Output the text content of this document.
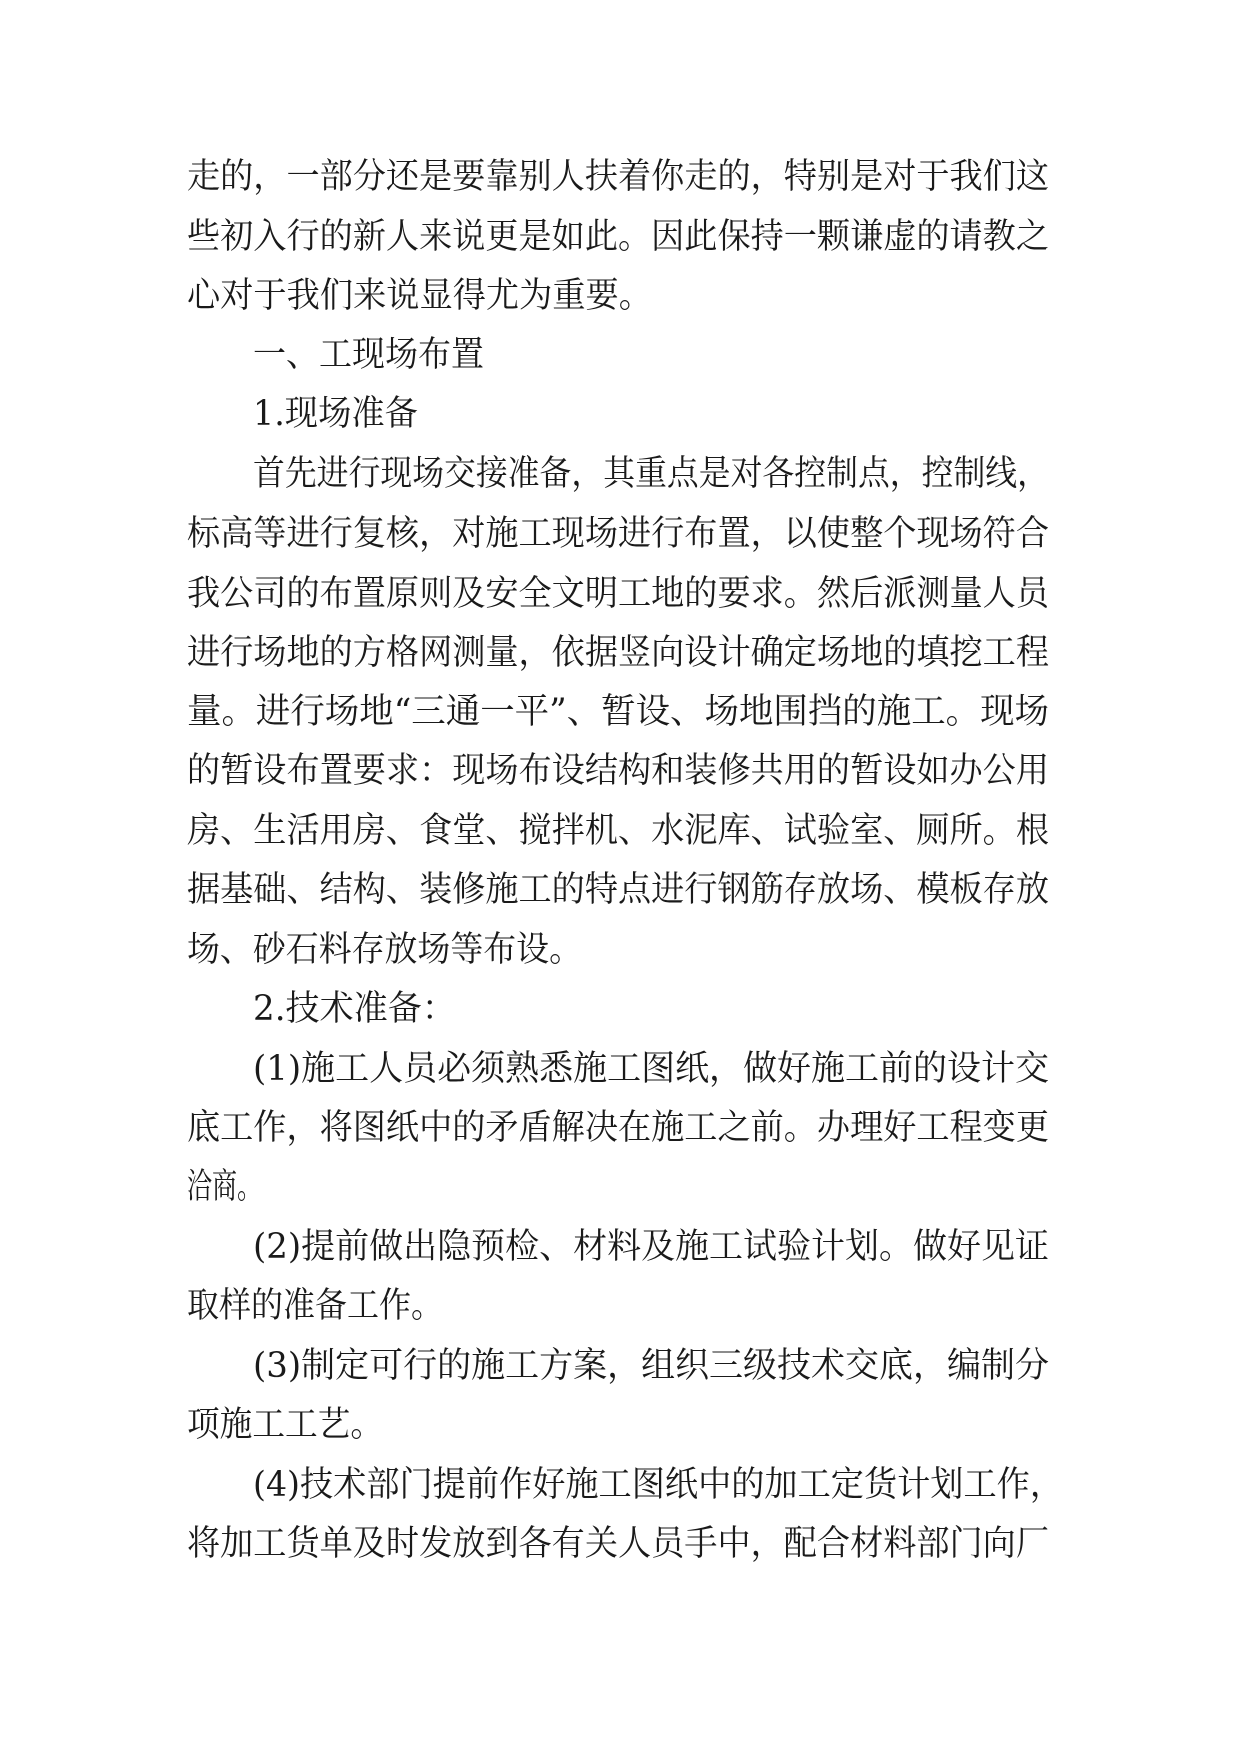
走的，一部分还是要靠别人扶着你走的，特别是对于我们这
些初入行的新人来说更是如此。因此保持一颗谦虚的请教之
心对于我们来说显得尤为重要。
一、工现场布置
1.现场准备
首先进行现场交接准备，其重点是对各控制点，控制线，
标高等进行复核，对施工现场进行布置，以使整个现场符合
我公司的布置原则及安全文明工地的要求。然后派测量人员
进行场地的方格网测量，依据竖向设计确定场地的填挖工程
量。进行场地“三通一平”、暂设、场地围挡的施工。现场
的暂设布置要求：现场布设结构和装修共用的暂设如办公用
房、生活用房、食堂、搅拌机、水泥库、试验室、厕所。根
据基础、结构、装修施工的特点进行钢筋存放场、模板存放
场、砂石料存放场等布设。
2.技术准备：
(1)施工人员必须熟悉施工图纸，做好施工前的设计交
底工作，将图纸中的矛盾解决在施工之前。办理好工程变更
洽商。
(2)提前做出隐预检、材料及施工试验计划。做好见证
取样的准备工作。
(3)制定可行的施工方案，组织三级技术交底，编制分
项施工工艺。
(4)技术部门提前作好施工图纸中的加工定货计划工作，
将加工货单及时发放到各有关人员手中，配合材料部门向厂
